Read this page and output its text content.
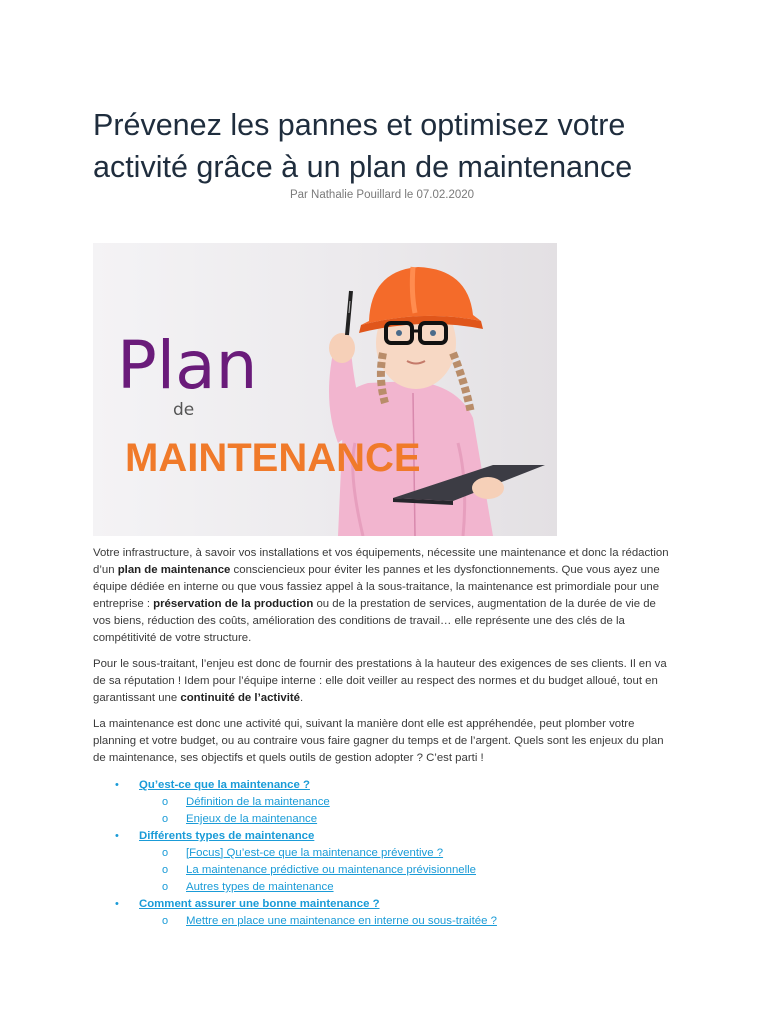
Prévenez les pannes et optimisez votre activité grâce à un plan de maintenance
Par Nathalie Pouillard le 07.02.2020
Plan
de
MAINTENANCE

Votre infrastructure, à savoir vos installations et vos équipements, nécessite une maintenance et donc la rédaction d’un plan de maintenance consciencieux pour éviter les pannes et les dysfonctionnements. Que vous ayez une équipe dédiée en interne ou que vous fassiez appel à la sous-traitance, la maintenance est primordiale pour une entreprise : préservation de la production ou de la prestation de services, augmentation de la durée de vie de vos biens, réduction des coûts, amélioration des conditions de travail… elle représente une des clés de la compétitivité de votre structure.

Pour le sous-traitant, l’enjeu est donc de fournir des prestations à la hauteur des exigences de ses clients. Il en va de sa réputation ! Idem pour l’équipe interne : elle doit veiller au respect des normes et du budget alloué, tout en garantissant une continuité de l’activité.

La maintenance est donc une activité qui, suivant la manière dont elle est appréhendée, peut plomber votre planning et votre budget, ou au contraire vous faire gagner du temps et de l’argent. Quels sont les enjeux du plan de maintenance, ses objectifs et quels outils de gestion adopter ? C’est parti !

• Qu’est-ce que la maintenance ?
o Définition de la maintenance
o Enjeux de la maintenance
• Différents types de maintenance
o [Focus] Qu’est-ce que la maintenance préventive ?
o La maintenance prédictive ou maintenance prévisionnelle
o Autres types de maintenance
• Comment assurer une bonne maintenance ?
o Mettre en place une maintenance en interne ou sous-traitée ?
